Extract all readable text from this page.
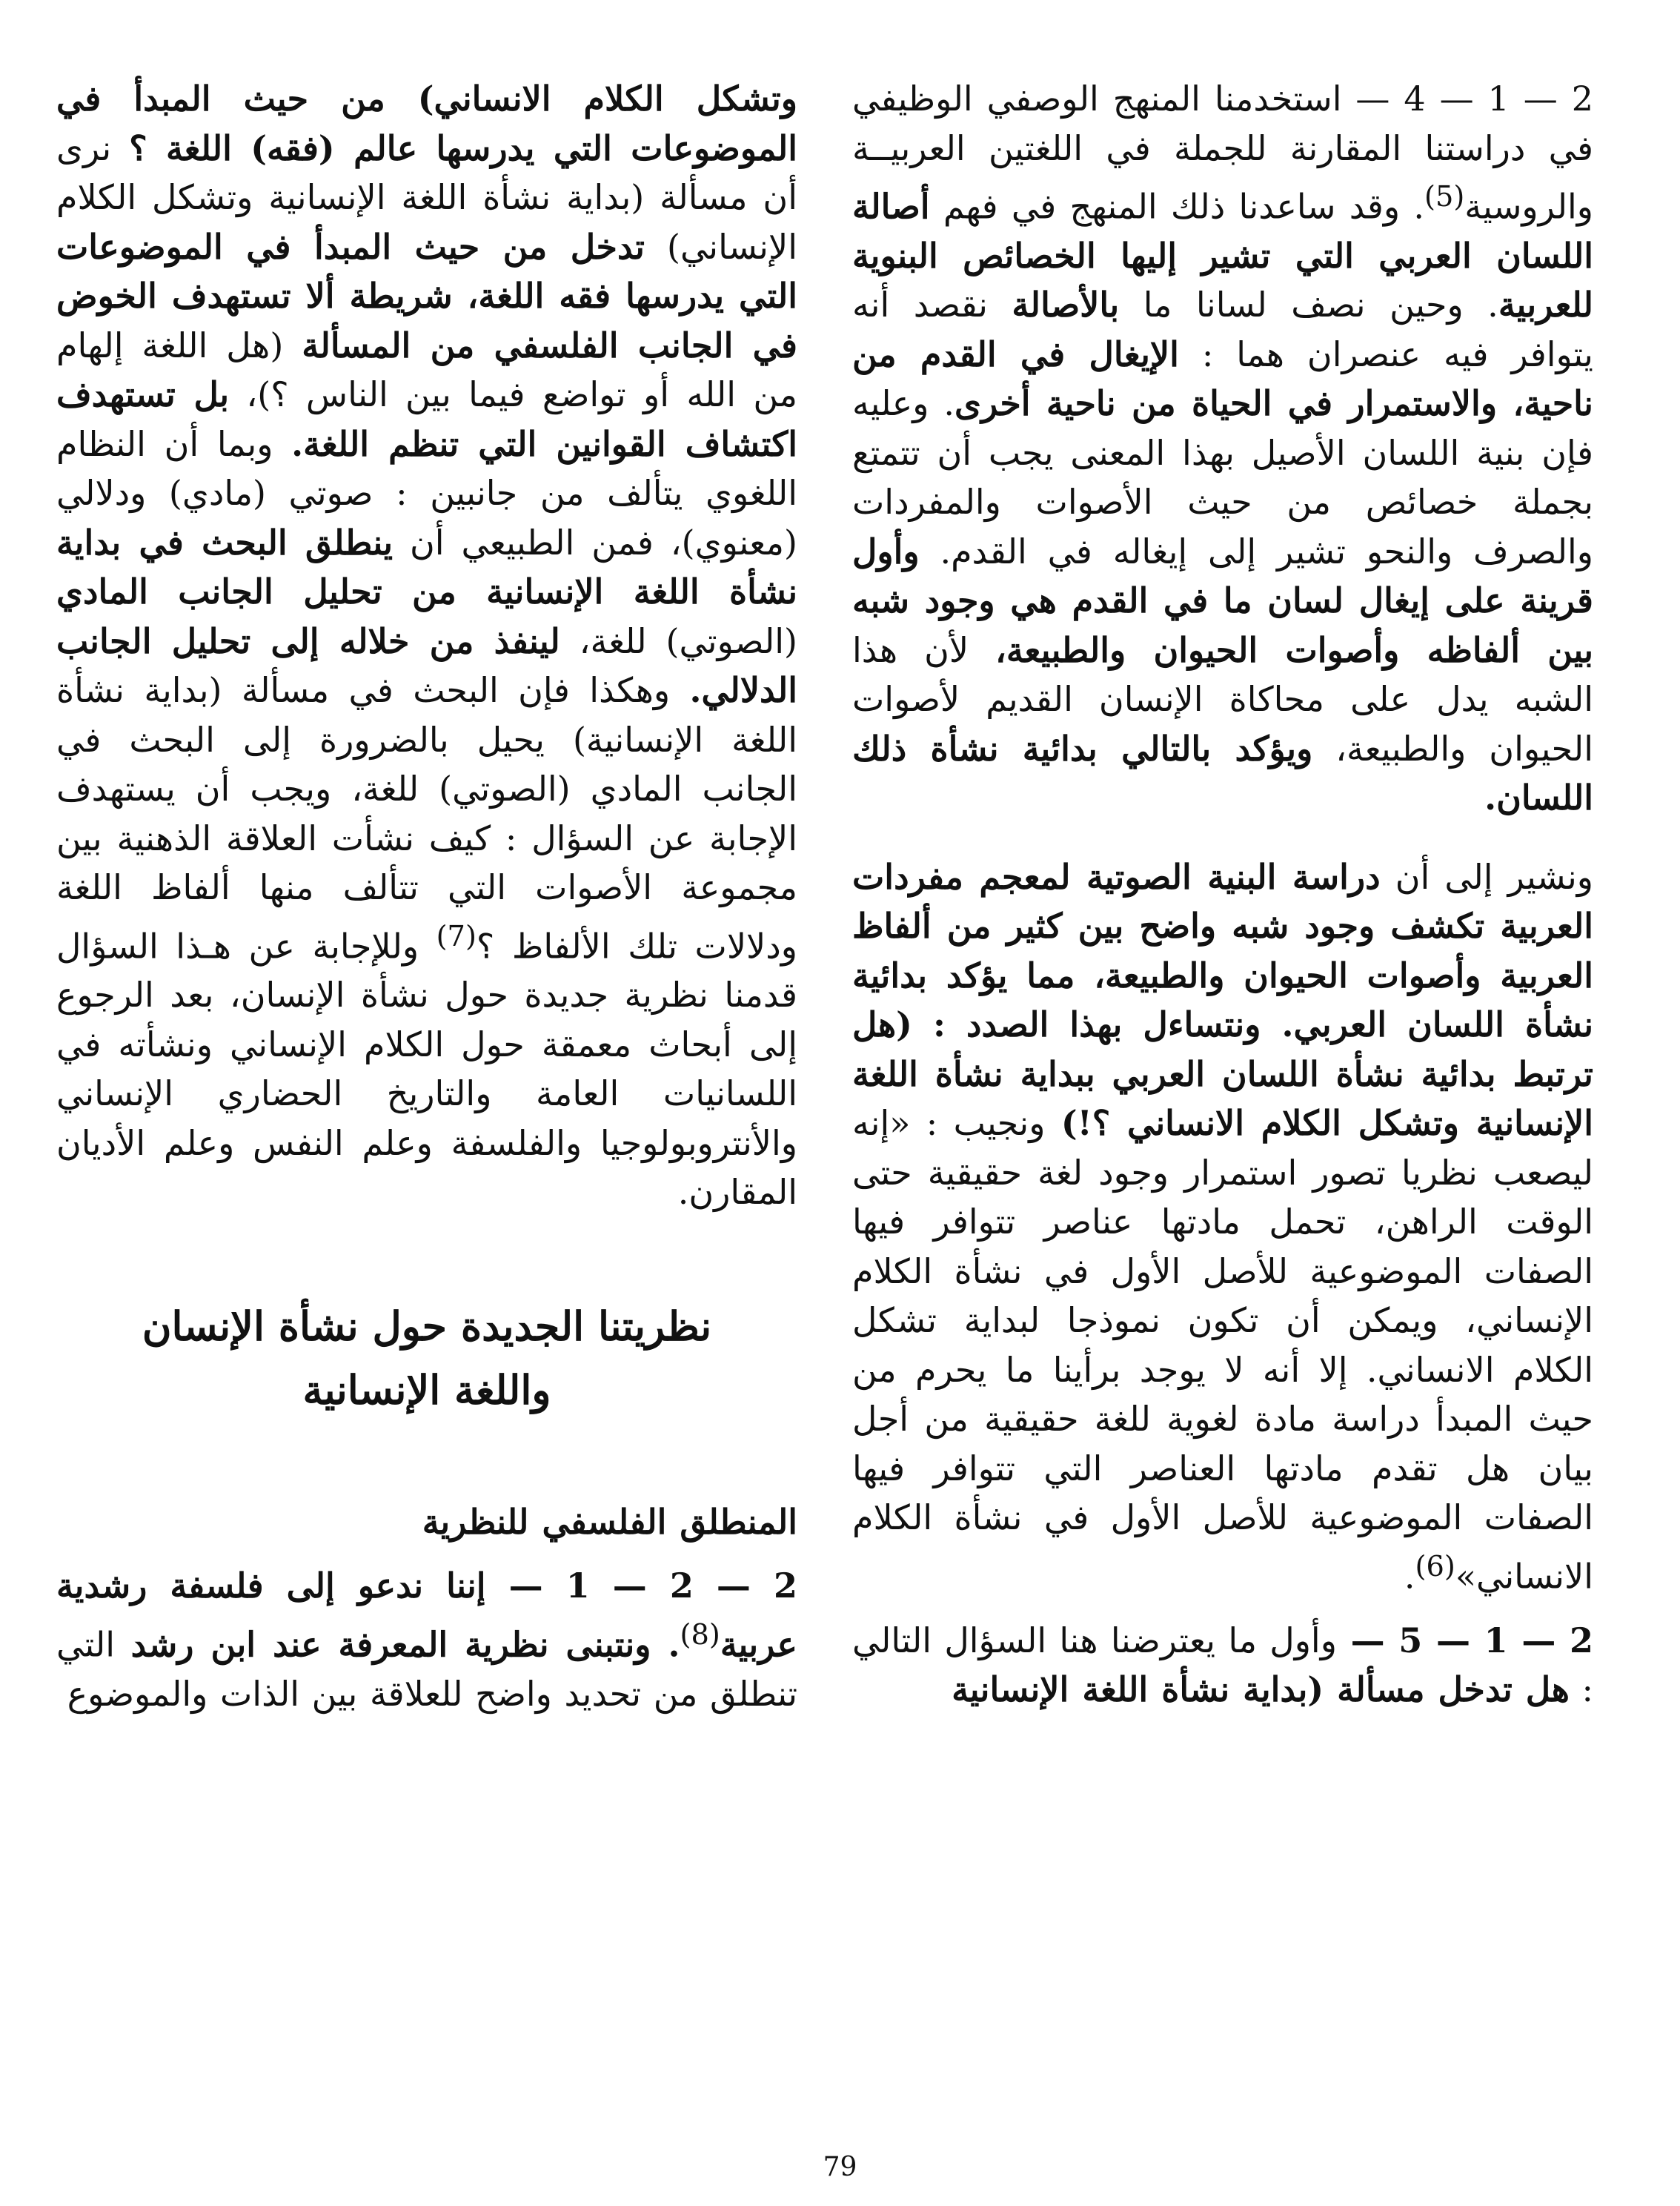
2 — 1 — 4 — استخدمنا المنهج الوصفي الوظيفي في دراستنا المقارنة للجملة في اللغتين العربيــة والروسية$^{(5)}$. وقد ساعدنا ذلك المنهج في فهم أصالة اللسان العربي التي تشير إليها الخصائص البنوية للعربية. وحين نصف لسانا ما بالأصالة نقصد أنه يتوافر فيه عنصران هما : الإيغال في القدم من ناحية، والاستمرار في الحياة من ناحية أخرى. وعليه فإن بنية اللسان الأصيل بهذا المعنى يجب أن تتمتع بجملة خصائص من حيث الأصوات والمفردات والصرف والنحو تشير إلى إيغاله في القدم. وأول قرينة على إيغال لسان ما في القدم هي وجود شبه بين ألفاظه وأصوات الحيوان والطبيعة، لأن هذا الشبه يدل على محاكاة الإنسان القديم لأصوات الحيوان والطبيعة، ويؤكد بالتالي بدائية نشأة ذلك اللسان.

ونشير إلى أن دراسة البنية الصوتية لمعجم مفردات العربية تكشف وجود شبه واضح بين كثير من ألفاظ العربية وأصوات الحيوان والطبيعة، مما يؤكد بدائية نشأة اللسان العربي. ونتساءل بهذا الصدد : (هل ترتبط بدائية نشأة اللسان العربي ببداية نشأة اللغة الإنسانية وتشكل الكلام الانساني ؟!) ونجيب : «إنه ليصعب نظريا تصور استمرار وجود لغة حقيقية حتى الوقت الراهن، تحمل مادتها عناصر تتوافر فيها الصفات الموضوعية للأصل الأول في نشأة الكلام الإنساني، ويمكن أن تكون نموذجا لبداية تشكل الكلام الانساني. إلا أنه لا يوجد برأينا ما يحرم من حيث المبدأ دراسة مادة لغوية للغة حقيقية من أجل بيان هل تقدم مادتها العناصر التي تتوافر فيها الصفات الموضوعية للأصل الأول في نشأة الكلام الانساني»$^{(6)}$.

2 — 1 — 5 — وأول ما يعترضنا هنا السؤال التالي : هل تدخل مسألة (بداية نشأة اللغة الإنسانية

وتشكل الكلام الانساني) من حيث المبدأ في الموضوعات التي يدرسها عالم (فقه) اللغة ؟ نرى أن مسألة (بداية نشأة اللغة الإنسانية وتشكل الكلام الإنساني) تدخل من حيث المبدأ في الموضوعات التي يدرسها فقه اللغة، شريطة ألا تستهدف الخوض في الجانب الفلسفي من المسألة (هل اللغة إلهام من الله أو تواضع فيما بين الناس ؟)، بل تستهدف اكتشاف القوانين التي تنظم اللغة. وبما أن النظام اللغوي يتألف من جانبين : صوتي (مادي) ودلالي (معنوي)، فمن الطبيعي أن ينطلق البحث في بداية نشأة اللغة الإنسانية من تحليل الجانب المادي (الصوتي) للغة، لينفذ من خلاله إلى تحليل الجانب الدلالي. وهكذا فإن البحث في مسألة (بداية نشأة اللغة الإنسانية) يحيل بالضرورة إلى البحث في الجانب المادي (الصوتي) للغة، ويجب أن يستهدف الإجابة عن السؤال : كيف نشأت العلاقة الذهنية بين مجموعة الأصوات التي تتألف منها ألفاظ اللغة ودلالات تلك الألفاظ ؟$^{(7)}$ وللإجابة عن هـذا السؤال قدمنا نظرية جديدة حول نشأة الإنسان، بعد الرجوع إلى أبحاث معمقة حول الكلام الإنساني ونشأته في اللسانيات العامة والتاريخ الحضاري الإنساني والأنتروبولوجيا والفلسفة وعلم النفس وعلم الأديان المقارن.

نظريتنا الجديدة حول نشأة الإنسان
واللغة الإنسانية

المنطلق الفلسفي للنظرية

2 — 2 — 1 — إننا ندعو إلى فلسفة رشدية عربية$^{(8)}$. ونتبنى نظرية المعرفة عند ابن رشد التي تنطلق من تحديد واضح للعلاقة بين الذات والموضوع

79
